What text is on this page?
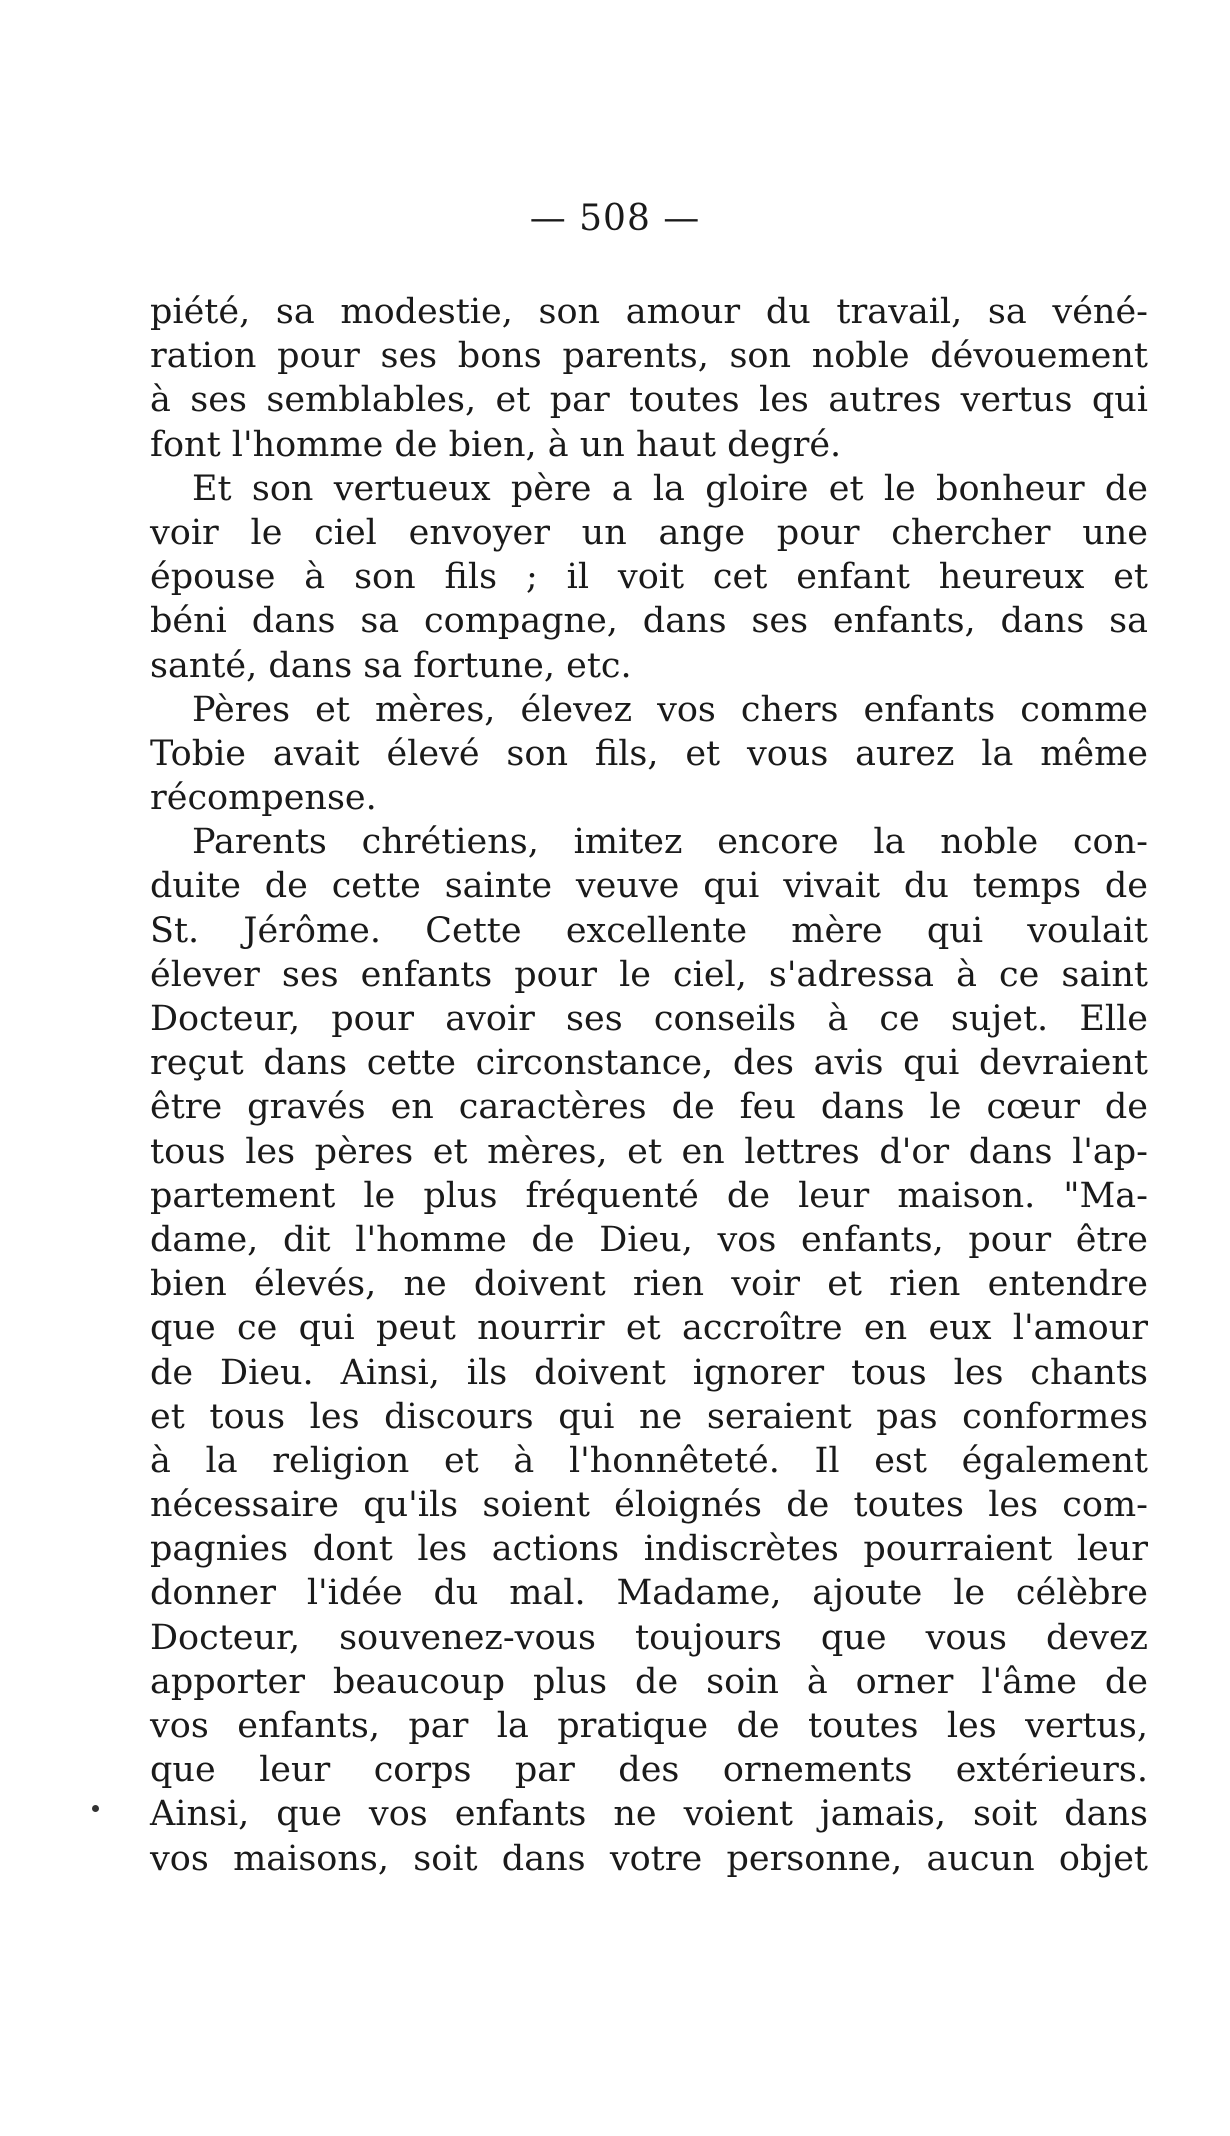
— 508 —
piété, sa modestie, son amour du travail, sa véné-
ration pour ses bons parents, son noble dévouement
à ses semblables, et par toutes les autres vertus qui
font l'homme de bien, à un haut degré.
Et son vertueux père a la gloire et le bonheur de
voir le ciel envoyer un ange pour chercher une
épouse à son fils ; il voit cet enfant heureux et
béni dans sa compagne, dans ses enfants, dans sa
santé, dans sa fortune, etc.
Pères et mères, élevez vos chers enfants comme
Tobie avait élevé son fils, et vous aurez la même
récompense.
Parents chrétiens, imitez encore la noble con-
duite de cette sainte veuve qui vivait du temps de
St. Jérôme. Cette excellente mère qui voulait
élever ses enfants pour le ciel, s'adressa à ce saint
Docteur, pour avoir ses conseils à ce sujet. Elle
reçut dans cette circonstance, des avis qui devraient
être gravés en caractères de feu dans le cœur de
tous les pères et mères, et en lettres d'or dans l'ap-
partement le plus fréquenté de leur maison. "Ma-
dame, dit l'homme de Dieu, vos enfants, pour être
bien élevés, ne doivent rien voir et rien entendre
que ce qui peut nourrir et accroître en eux l'amour
de Dieu. Ainsi, ils doivent ignorer tous les chants
et tous les discours qui ne seraient pas conformes
à la religion et à l'honnêteté. Il est également
nécessaire qu'ils soient éloignés de toutes les com-
pagnies dont les actions indiscrètes pourraient leur
donner l'idée du mal. Madame, ajoute le célèbre
Docteur, souvenez-vous toujours que vous devez
apporter beaucoup plus de soin à orner l'âme de
vos enfants, par la pratique de toutes les vertus,
que leur corps par des ornements extérieurs.
Ainsi, que vos enfants ne voient jamais, soit dans
vos maisons, soit dans votre personne, aucun objet
